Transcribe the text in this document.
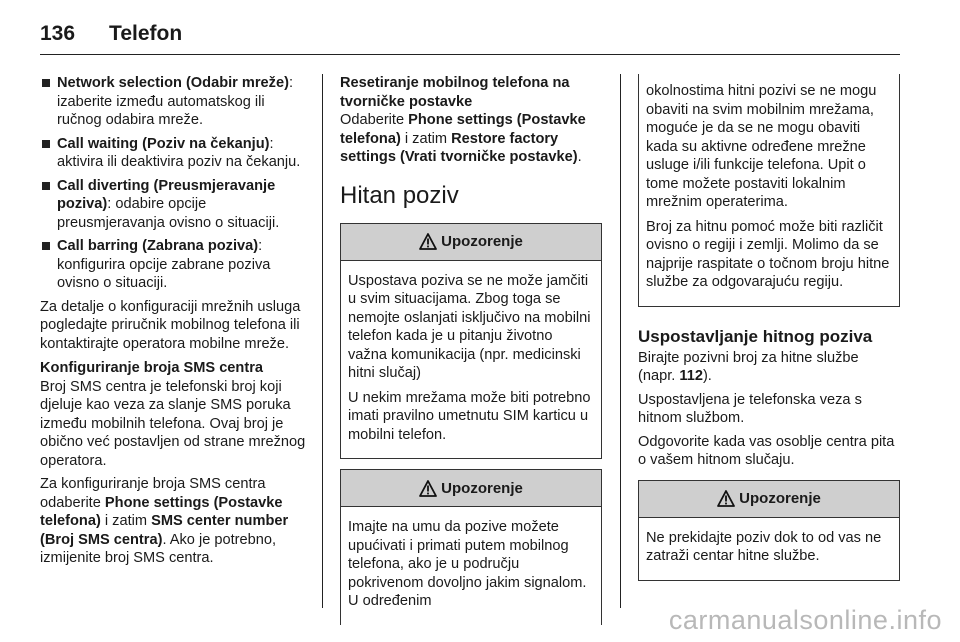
136 Telefon
Network selection (Odabir mreže): izaberite između automatskog ili ručnog odabira mreže.
Call waiting (Poziv na čekanju): aktivira ili deaktivira poziv na čekanju.
Call diverting (Preusmjeravanje poziva): odabire opcije preusmjeravanja ovisno o situaciji.
Call barring (Zabrana poziva): konfigurira opcije zabrane poziva ovisno o situaciji.

Za detalje o konfiguraciji mrežnih usluga pogledajte priručnik mobilnog telefona ili kontaktirajte operatora mobilne mreže.

Konfiguriranje broja SMS centra

Broj SMS centra je telefonski broj koji djeluje kao veza za slanje SMS poruka između mobilnih telefona. Ovaj broj je obično već postavljen od strane mrežnog operatora.

Za konfiguriranje broja SMS centra odaberite Phone settings (Postavke telefona) i zatim SMS center number (Broj SMS centra). Ako je potrebno, izmijenite broj SMS centra.

Resetiranje mobilnog telefona na tvorničke postavke

Odaberite Phone settings (Postavke telefona) i zatim Restore factory settings (Vrati tvorničke postavke).

Hitan poziv
Upozorenje

Uspostava poziva se ne može jamčiti u svim situacijama. Zbog toga se nemojte oslanjati isključivo na mobilni telefon kada je u pitanju životno važna komunikacija (npr. medicinski hitni slučaj)

U nekim mrežama može biti potrebno imati pravilno umetnutu SIM karticu u mobilni telefon.

Upozorenje

Imajte na umu da pozive možete upućivati i primati putem mobilnog telefona, ako je u području pokrivenom dovoljno jakim signalom. U određenim

okolnostima hitni pozivi se ne mogu obaviti na svim mobilnim mrežama, moguće je da se ne mogu obaviti kada su aktivne određene mrežne usluge i/ili funkcije telefona. Upit o tome možete postaviti lokalnim mrežnim operaterima.

Broj za hitnu pomoć može biti različit ovisno o regiji i zemlji. Molimo da se najprije raspitate o točnom broju hitne službe za odgovarajuću regiju.

Uspostavljanje hitnog poziva

Birajte pozivni broj za hitne službe (napr. 112).

Uspostavljena je telefonska veza s hitnom službom.

Odgovorite kada vas osoblje centra pita o vašem hitnom slučaju.

Upozorenje

Ne prekidajte poziv dok to od vas ne zatraži centar hitne službe.

carmanualsonline.info
